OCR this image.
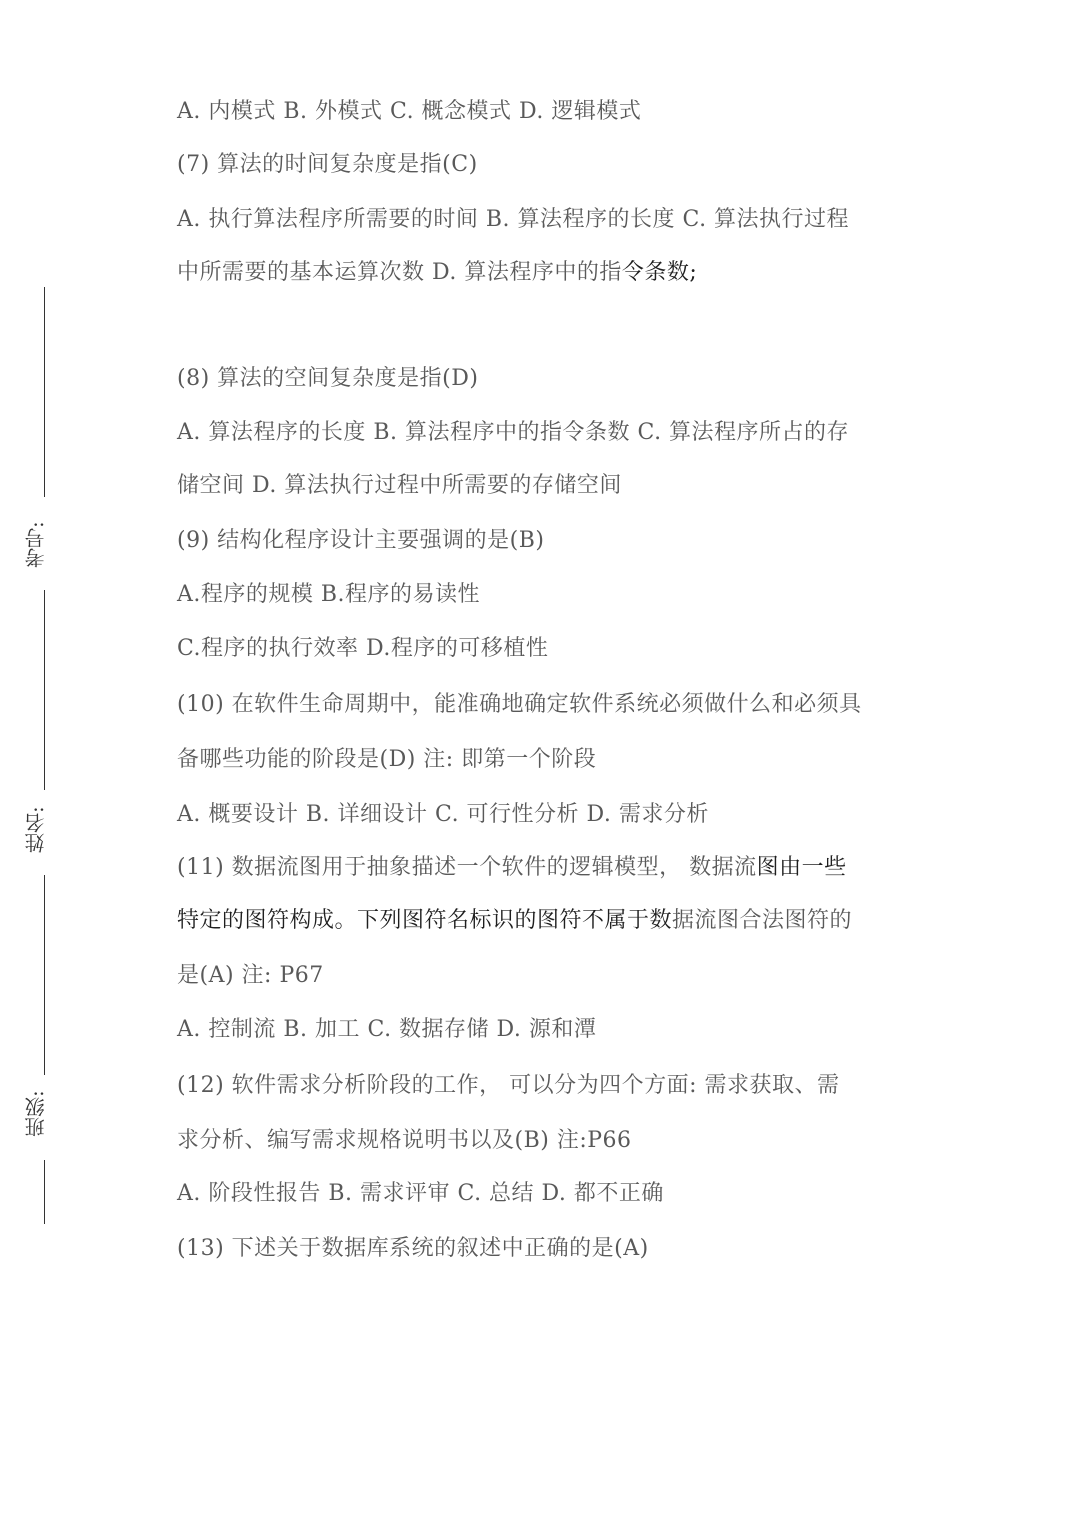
考号:
姓名:
班级:
A. 内模式 B. 外模式 C. 概念模式 D. 逻辑模式
(7) 算法的时间复杂度是指(C)
A. 执行算法程序所需要的时间 B. 算法程序的长度 C. 算法执行过程
中所需要的基本运算次数 D. 算法程序中的指令条数;
(8) 算法的空间复杂度是指(D)
A. 算法程序的长度 B. 算法程序中的指令条数 C. 算法程序所占的存
储空间 D. 算法执行过程中所需要的存储空间
(9) 结构化程序设计主要强调的是(B)
A.程序的规模 B.程序的易读性
C.程序的执行效率 D.程序的可移植性
(10) 在软件生命周期中，能准确地确定软件系统必须做什么和必须具
备哪些功能的阶段是(D) 注: 即第一个阶段
A. 概要设计 B. 详细设计 C. 可行性分析 D. 需求分析
(11) 数据流图用于抽象描述一个软件的逻辑模型， 数据流图由一些
特定的图符构成。下列图符名标识的图符不属于数据流图合法图符的
是(A) 注: P67
A. 控制流 B. 加工 C. 数据存储 D. 源和潭
(12) 软件需求分析阶段的工作， 可以分为四个方面: 需求获取、需
求分析、编写需求规格说明书以及(B) 注:P66
A. 阶段性报告 B. 需求评审 C. 总结 D. 都不正确
(13) 下述关于数据库系统的叙述中正确的是(A)
